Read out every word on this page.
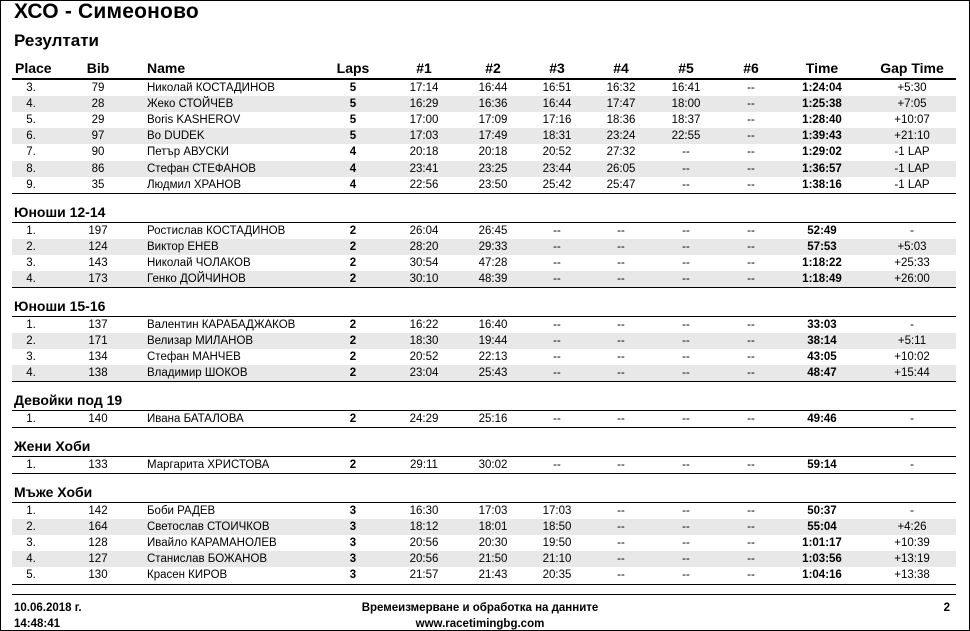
ХСО - Симеоново
Резултати
Place	Bib	Name	Laps	#1	#2	#3	#4	#5	#6	Time	Gap Time
3.	79	Николай КОСТАДИНОВ	5	17:14	16:44	16:51	16:32	16:41	--	1:24:04	+5:30
4.	28	Жеко СТОЙЧЕВ	5	16:29	16:36	16:44	17:47	18:00	--	1:25:38	+7:05
5.	29	Boris KASHEROV	5	17:00	17:09	17:16	18:36	18:37	--	1:28:40	+10:07
6.	97	Bo DUDEK	5	17:03	17:49	18:31	23:24	22:55	--	1:39:43	+21:10
7.	90	Петър АВУСКИ	4	20:18	20:18	20:52	27:32	--	--	1:29:02	-1 LAP
8.	86	Стефан СТЕФАНОВ	4	23:41	23:25	23:44	26:05	--	--	1:36:57	-1 LAP
9.	35	Людмил ХРАНОВ	4	22:56	23:50	25:42	25:47	--	--	1:38:16	-1 LAP
Юноши 12-14
1.	197	Ростислав КОСТАДИНОВ	2	26:04	26:45	--	--	--	--	52:49	-
2.	124	Виктор ЕНЕВ	2	28:20	29:33	--	--	--	--	57:53	+5:03
3.	143	Николай ЧОЛАКОВ	2	30:54	47:28	--	--	--	--	1:18:22	+25:33
4.	173	Генко ДОЙЧИНОВ	2	30:10	48:39	--	--	--	--	1:18:49	+26:00
Юноши 15-16
1.	137	Валентин КАРАБАДЖАКОВ	2	16:22	16:40	--	--	--	--	33:03	-
2.	171	Велизар МИЛАНОВ	2	18:30	19:44	--	--	--	--	38:14	+5:11
3.	134	Стефан МАНЧЕВ	2	20:52	22:13	--	--	--	--	43:05	+10:02
4.	138	Владимир ШОКОВ	2	23:04	25:43	--	--	--	--	48:47	+15:44
Девойки под 19
1.	140	Ивана БАТАЛОВА	2	24:29	25:16	--	--	--	--	49:46	-
Жени Хоби
1.	133	Маргарита ХРИСТОВА	2	29:11	30:02	--	--	--	--	59:14	-
Мъже Хоби
1.	142	Боби РАДЕВ	3	16:30	17:03	17:03	--	--	--	50:37	-
2.	164	Светослав СТОИЧКОВ	3	18:12	18:01	18:50	--	--	--	55:04	+4:26
3.	128	Ивайло КАРАМАНОЛЕВ	3	20:56	20:30	19:50	--	--	--	1:01:17	+10:39
4.	127	Станислав БОЖАНОВ	3	20:56	21:50	21:10	--	--	--	1:03:56	+13:19
5.	130	Красен КИРОВ	3	21:57	21:43	20:35	--	--	--	1:04:16	+13:38
10.06.2018 г.
14:48:41
Времеизмерване и обработка на данните
www.racetimingbg.com
2
